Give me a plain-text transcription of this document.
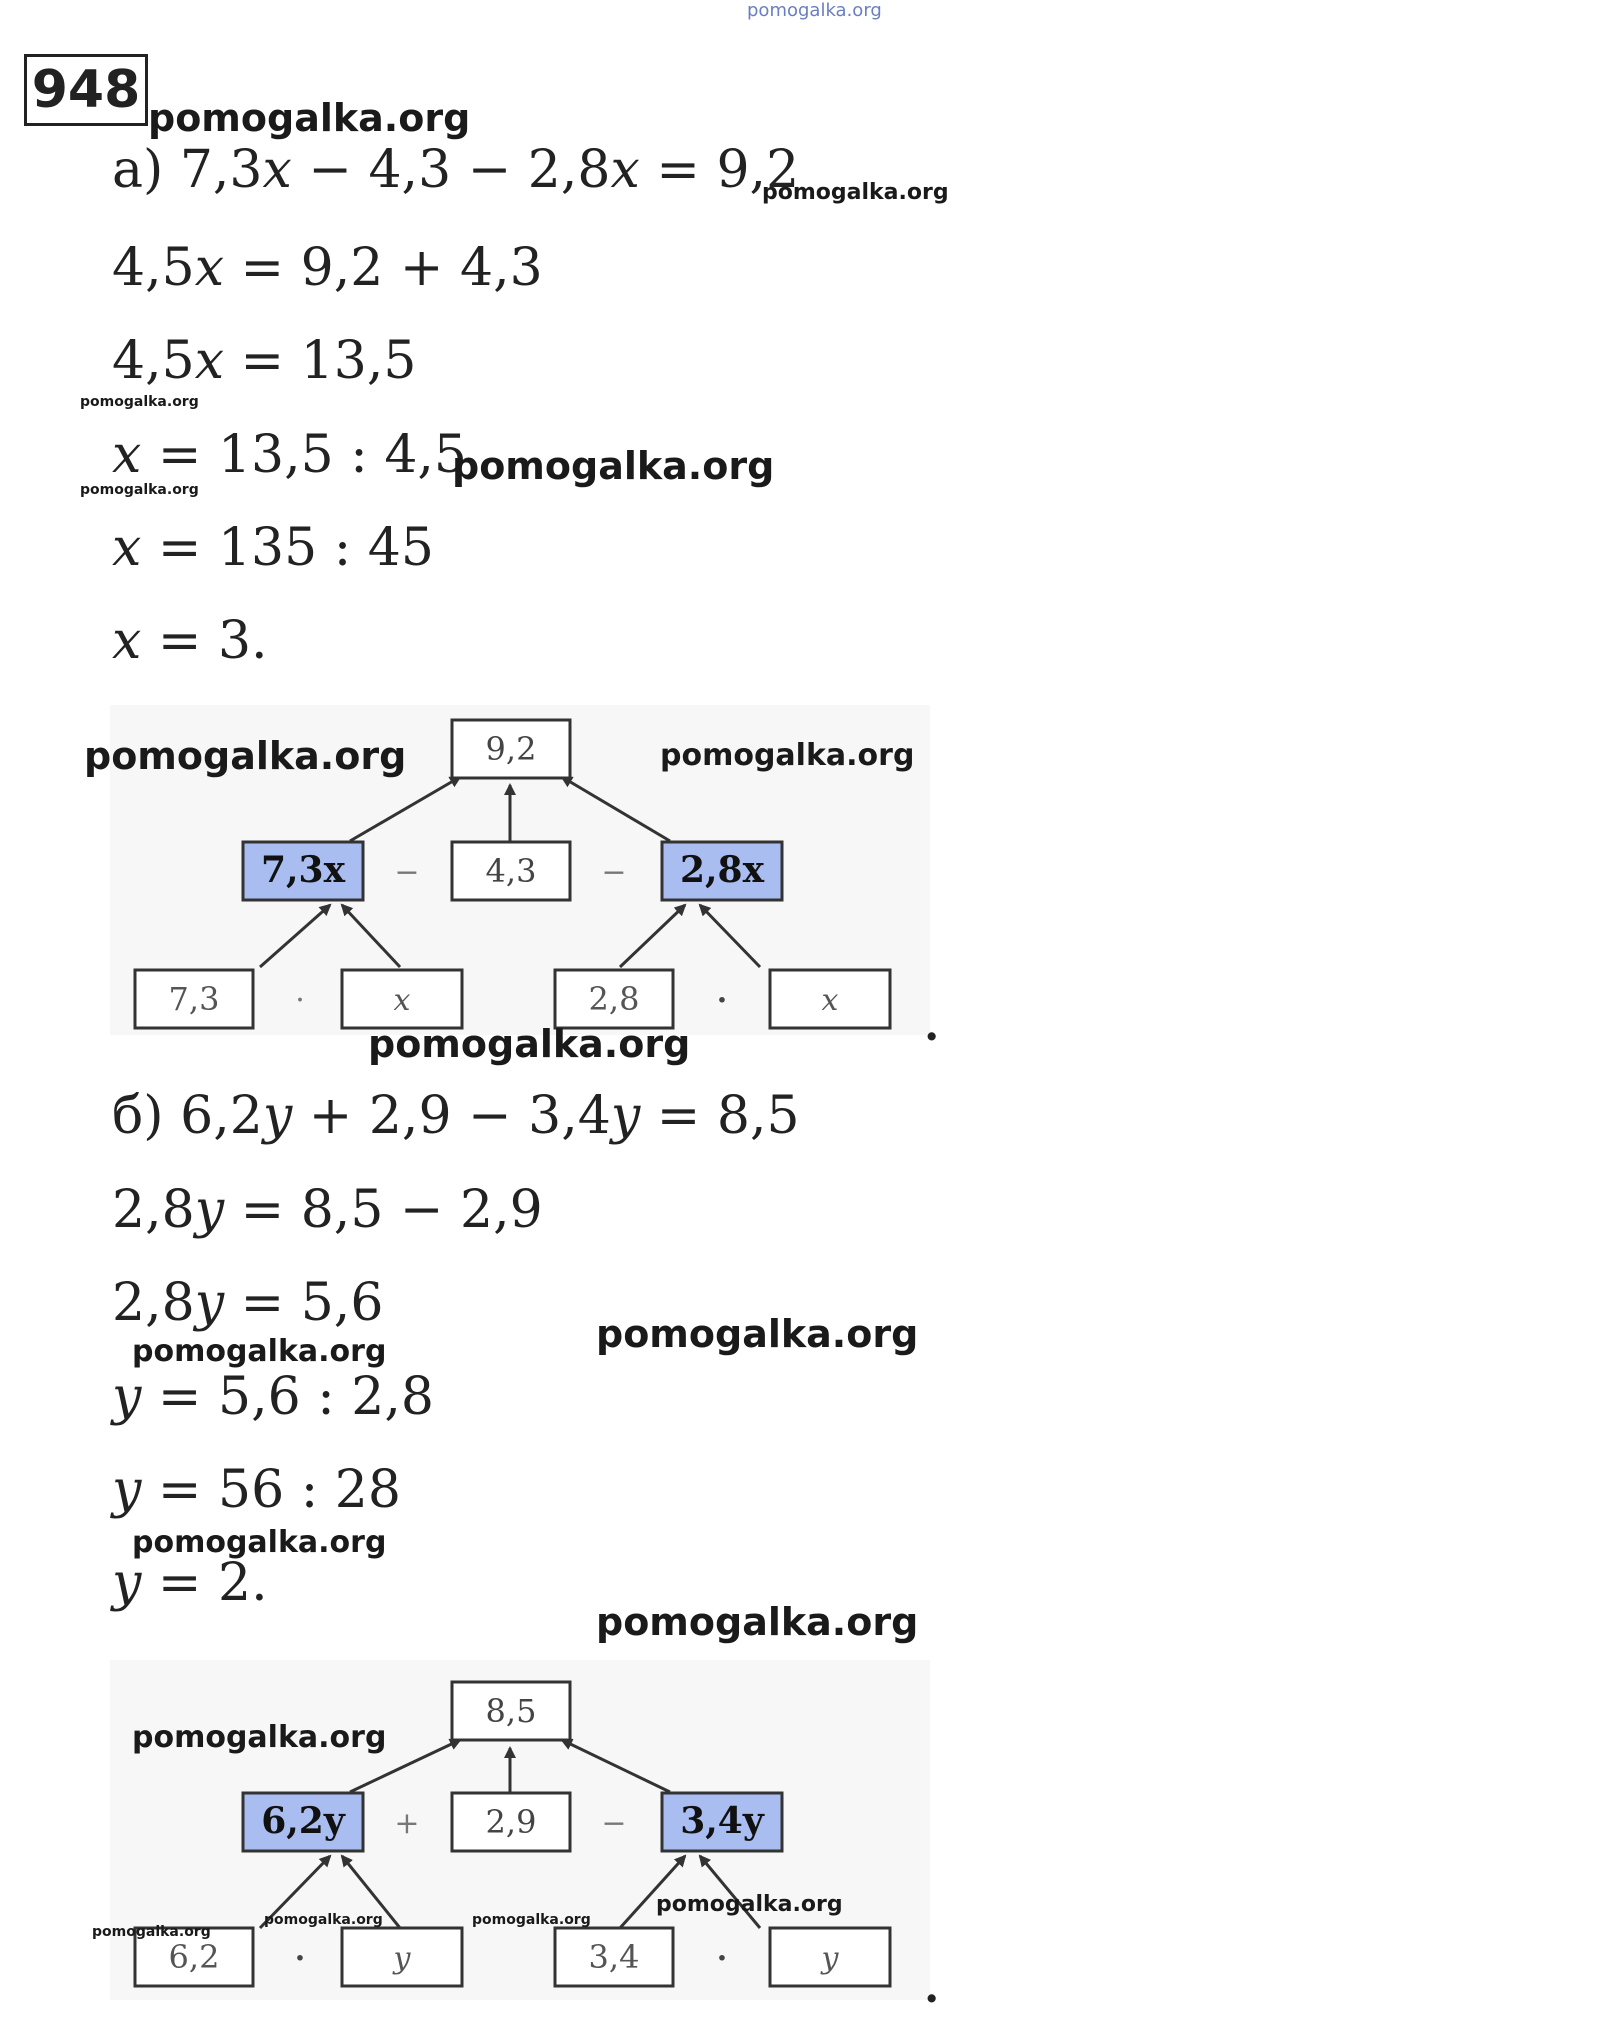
pomogalka.org
948
а) 7,3𝑥 − 4,3 − 2,8𝑥 = 9,2
4,5𝑥 = 9,2 + 4,3
4,5𝑥 = 13,5
𝑥 = 13,5 : 4,5
𝑥 = 135 : 45
𝑥 = 3.
9,2
7,3x − 4,3 − 2,8x
7,3	·	x	2,8	·	x .
б) 6,2𝑦 + 2,9 − 3,4𝑦 = 8,5
2,8𝑦 = 8,5 − 2,9
2,8𝑦 = 5,6
𝑦 = 5,6 : 2,8
𝑦 = 56 : 28
𝑦 = 2.
8,5
6,2y + 2,9 − 3,4y
6,2	·	y	3,4	·	y
.
pomogalka.org
pomogalka.org
pomogalka.org
pomogalka.org
pomogalka.org
pomogalka.org	pomogalka.org
pomogalka.org
pomogalka.org
pomogalka.org
pomogalka.org
pomogalka.org
pomogalka.org
pomogalka.org
pomogalka.org
pomogalka.org	pomogalka.org
